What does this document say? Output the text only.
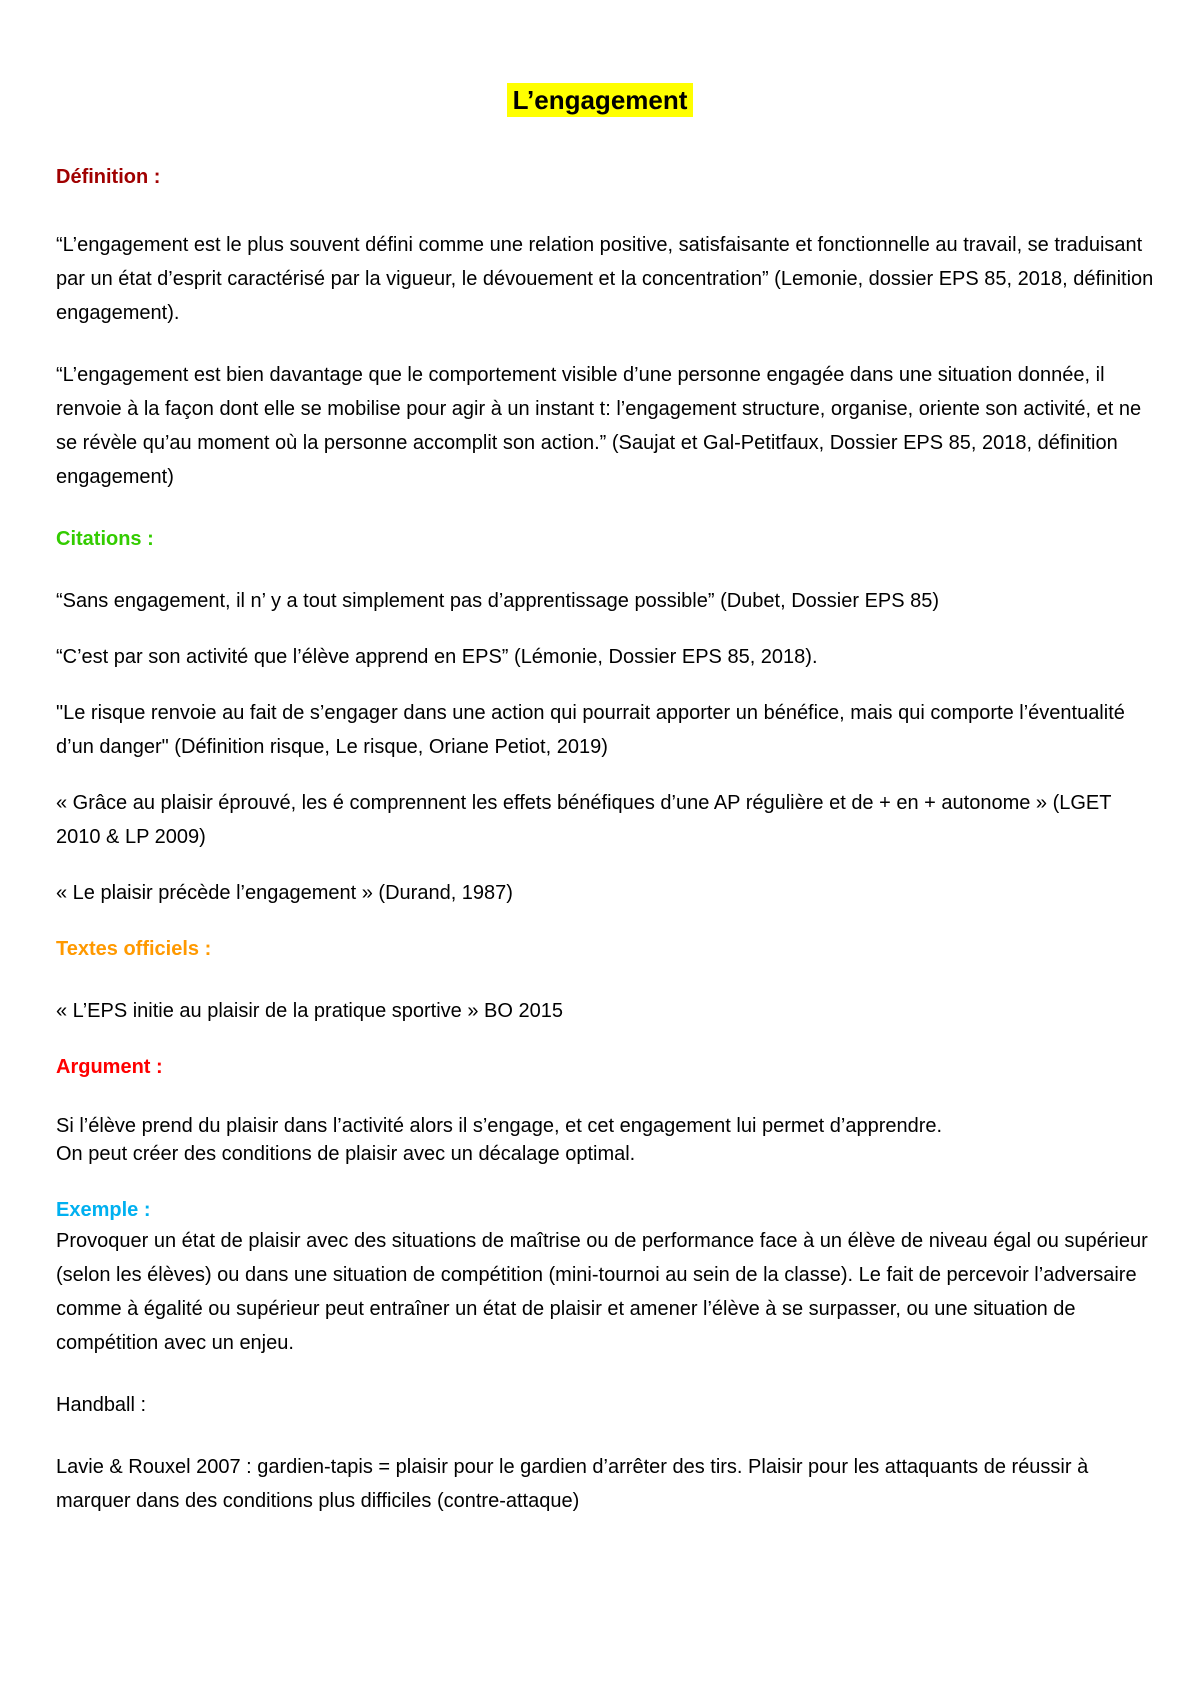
L’engagement

Définition :

“L’engagement est le plus souvent défini comme une relation positive, satisfaisante et fonctionnelle au travail, se traduisant par un état d’esprit caractérisé par la vigueur, le dévouement et la concentration” (Lemonie, dossier EPS 85, 2018, définition engagement).

“L’engagement est bien davantage que le comportement visible d’une personne engagée dans une situation donnée, il renvoie à la façon dont elle se mobilise pour agir à un instant t: l’engagement structure, organise, oriente son activité, et ne se révèle qu’au moment où la personne accomplit son action.” (Saujat et Gal-Petitfaux, Dossier EPS 85, 2018, définition engagement)

Citations :

“Sans engagement, il n’ y a tout simplement pas d’apprentissage possible” (Dubet, Dossier EPS 85)

“C’est par son activité que l’élève apprend en EPS” (Lémonie, Dossier EPS 85, 2018).

"Le risque renvoie au fait de s’engager dans une action qui pourrait apporter un bénéfice, mais qui comporte l’éventualité d’un danger" (Définition risque, Le risque, Oriane Petiot, 2019)

« Grâce au plaisir éprouvé, les é comprennent les effets bénéfiques d’une AP régulière et de + en + autonome » (LGET 2010 & LP 2009)

« Le plaisir précède l’engagement » (Durand, 1987)

Textes officiels :

« L’EPS initie au plaisir de la pratique sportive » BO 2015

Argument :

Si l’élève prend du plaisir dans l’activité alors il s’engage, et cet engagement lui permet d’apprendre.

On peut créer des conditions de plaisir avec un décalage optimal.

Exemple :

Provoquer un état de plaisir avec des situations de maîtrise ou de performance face à un élève de niveau égal ou supérieur (selon les élèves) ou dans une situation de compétition (mini-tournoi au sein de la classe). Le fait de percevoir l’adversaire comme à égalité ou supérieur peut entraîner un état de plaisir et amener l’élève à se surpasser, ou une situation de compétition avec un enjeu.

Handball :

Lavie & Rouxel 2007 : gardien-tapis = plaisir pour le gardien d’arrêter des tirs. Plaisir pour les attaquants de réussir à marquer dans des conditions plus difficiles (contre-attaque)
